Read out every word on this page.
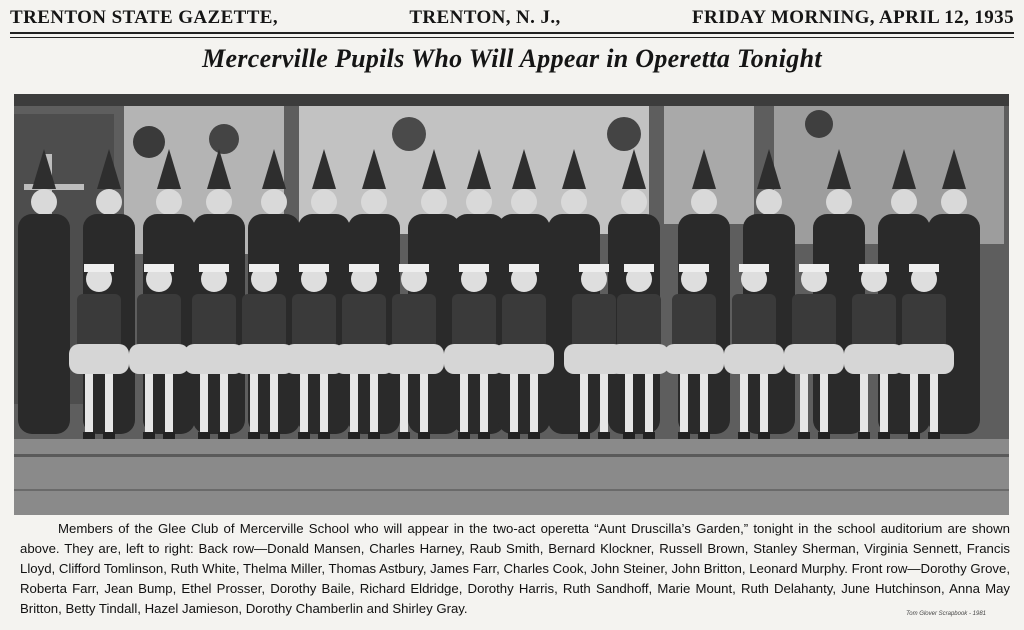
TRENTON STATE GAZETTE,	TRENTON, N. J.,	FRIDAY MORNING, APRIL 12, 1935
Mercerville Pupils Who Will Appear in Operetta Tonight
Members of the Glee Club of Mercerville School who will appear in the two-act operetta “Aunt Druscilla’s Garden,” tonight in the school auditorium are shown above. They are, left to right: Back row—Donald Mansen, Charles Harney, Raub Smith, Bernard Klockner, Russell Brown, Stanley Sherman, Virginia Sennett, Francis Lloyd, Clifford Tomlinson, Ruth White, Thelma Miller, Thomas Astbury, James Farr, Charles Cook, John Steiner, John Britton, Leonard Murphy. Front row—Dorothy Grove, Roberta Farr, Jean Bump, Ethel Prosser, Dorothy Baile, Richard Eldridge, Dorothy Harris, Ruth Sandhoff, Marie Mount, Ruth Delahanty, June Hutchinson, Anna May Britton, Betty Tindall, Hazel Jamieson, Dorothy Chamberlin and Shirley Gray.	Tom Glover Scrapbook - 1981
